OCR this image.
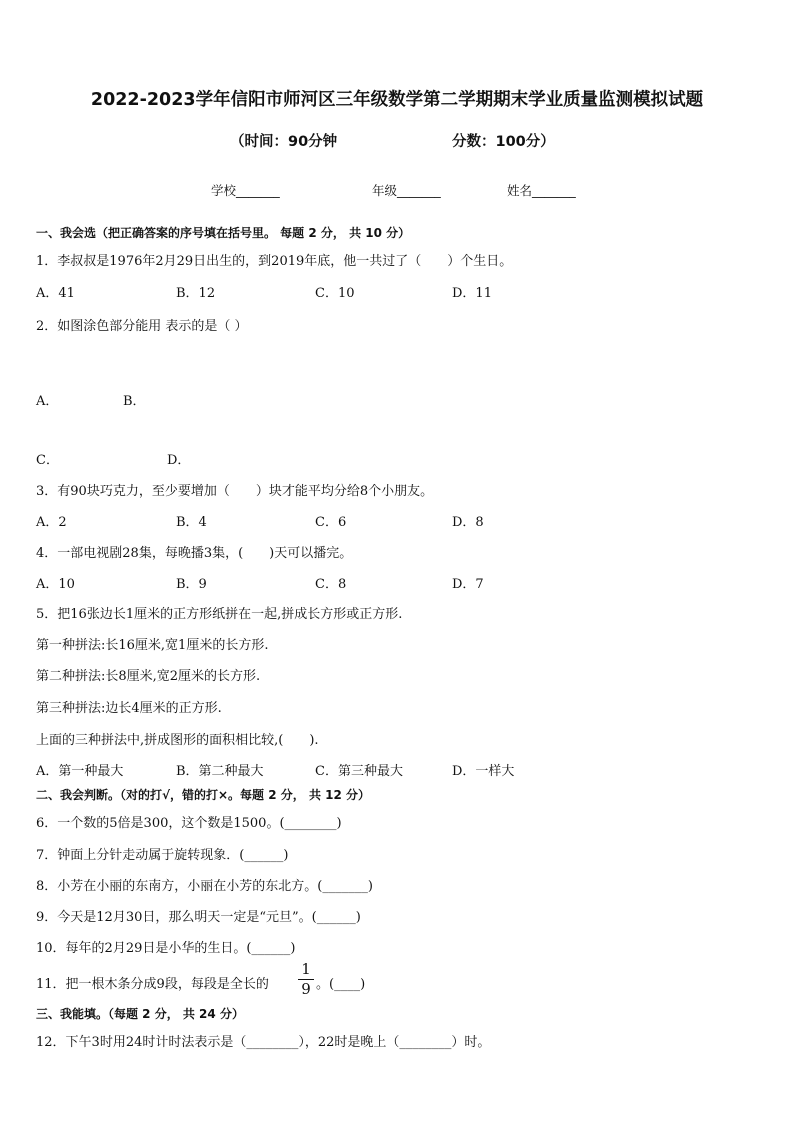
2022-2023学年信阳市师河区三年级数学第二学期期末学业质量监测模拟试题
（时间：90分钟	分数：100分）
学校_______	年级_______	姓名_______
一、我会选（把正确答案的序号填在括号里。 每题 2 分， 共 10 分）
1．李叔叔是1976年2月29日出生的，到2019年底，他一共过了（　　）个生日。
A．41	B．12	C．10	D．11
2．如图涂色部分能用 表示的是（ ）
A．	B．
C．	D．
3．有90块巧克力，至少要增加（　　）块才能平均分给8个小朋友。
A．2	B．4	C．6	D．8
4．一部电视剧28集，每晚播3集，(　　)天可以播完。
A．10	B．9	C．8	D．7
5．把16张边长1厘米的正方形纸拼在一起,拼成长方形或正方形.
第一种拼法:长16厘米,宽1厘米的长方形.
第二种拼法:长8厘米,宽2厘米的长方形.
第三种拼法:边长4厘米的正方形.
上面的三种拼法中,拼成图形的面积相比较,(　　).
A．第一种最大	B．第二种最大	C．第三种最大	D．一样大
二、我会判断。（对的打√，错的打×。每题 2 分， 共 12 分）
6．一个数的5倍是300，这个数是1500。(________)
7．钟面上分针走动属于旋转现象．(______)
8．小芳在小丽的东南方，小丽在小芳的东北方。(_______)
9．今天是12月30日，那么明天一定是“元旦”。(______)
10．每年的2月29日是小华的生日。(______)
11．把一根木条分成9段，每段是全长的
1
9 。(____)
三、我能填。（每题 2 分， 共 24 分）
12．下午3时用24时计时法表示是（________），22时是晚上（________）时。
